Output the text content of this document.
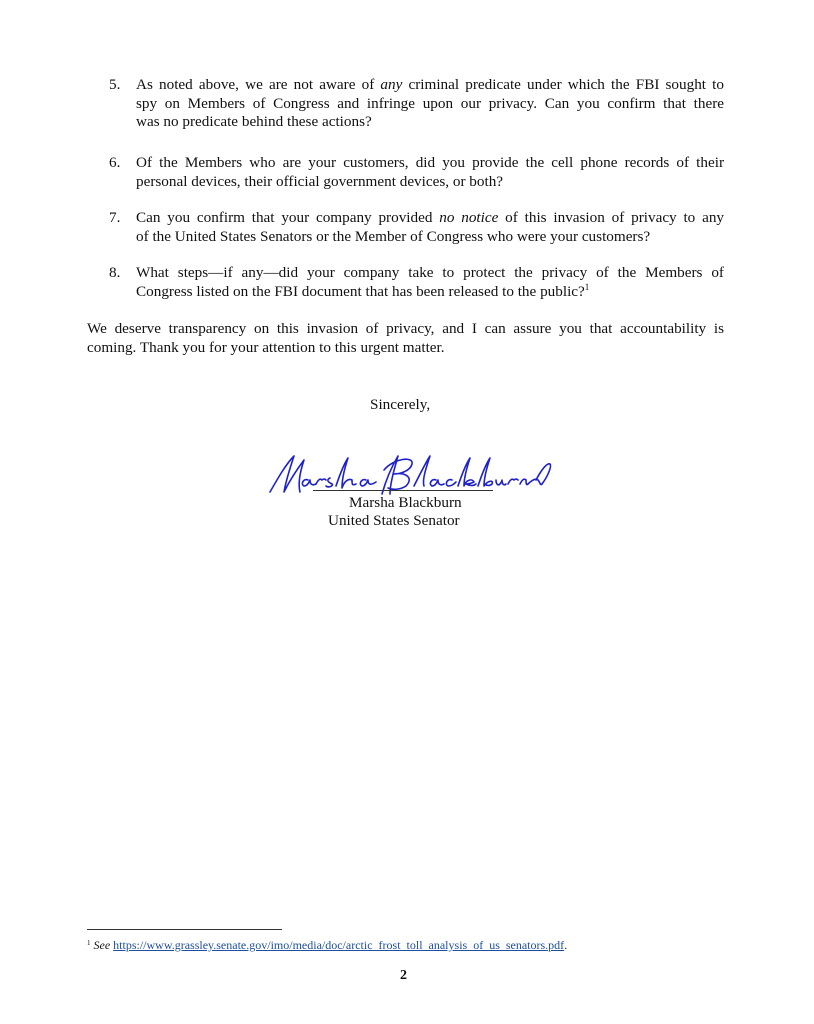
5. As noted above, we are not aware of any criminal predicate under which the FBI sought to
spy on Members of Congress and infringe upon our privacy. Can you confirm that there
was no predicate behind these actions?
6. Of the Members who are your customers, did you provide the cell phone records of their
personal devices, their official government devices, or both?
7. Can you confirm that your company provided no notice of this invasion of privacy to any
of the United States Senators or the Member of Congress who were your customers?
8. What steps—if any—did your company take to protect the privacy of the Members of
Congress listed on the FBI document that has been released to the public?$^1$
We deserve transparency on this invasion of privacy, and I can assure you that accountability is
coming. Thank you for your attention to this urgent matter.
Sincerely,
Marsha Blackburn
United States Senator
$^1$ See https://www.grassley.senate.gov/imo/media/doc/arctic_frost_toll_analysis_of_us_senators.pdf.
2
